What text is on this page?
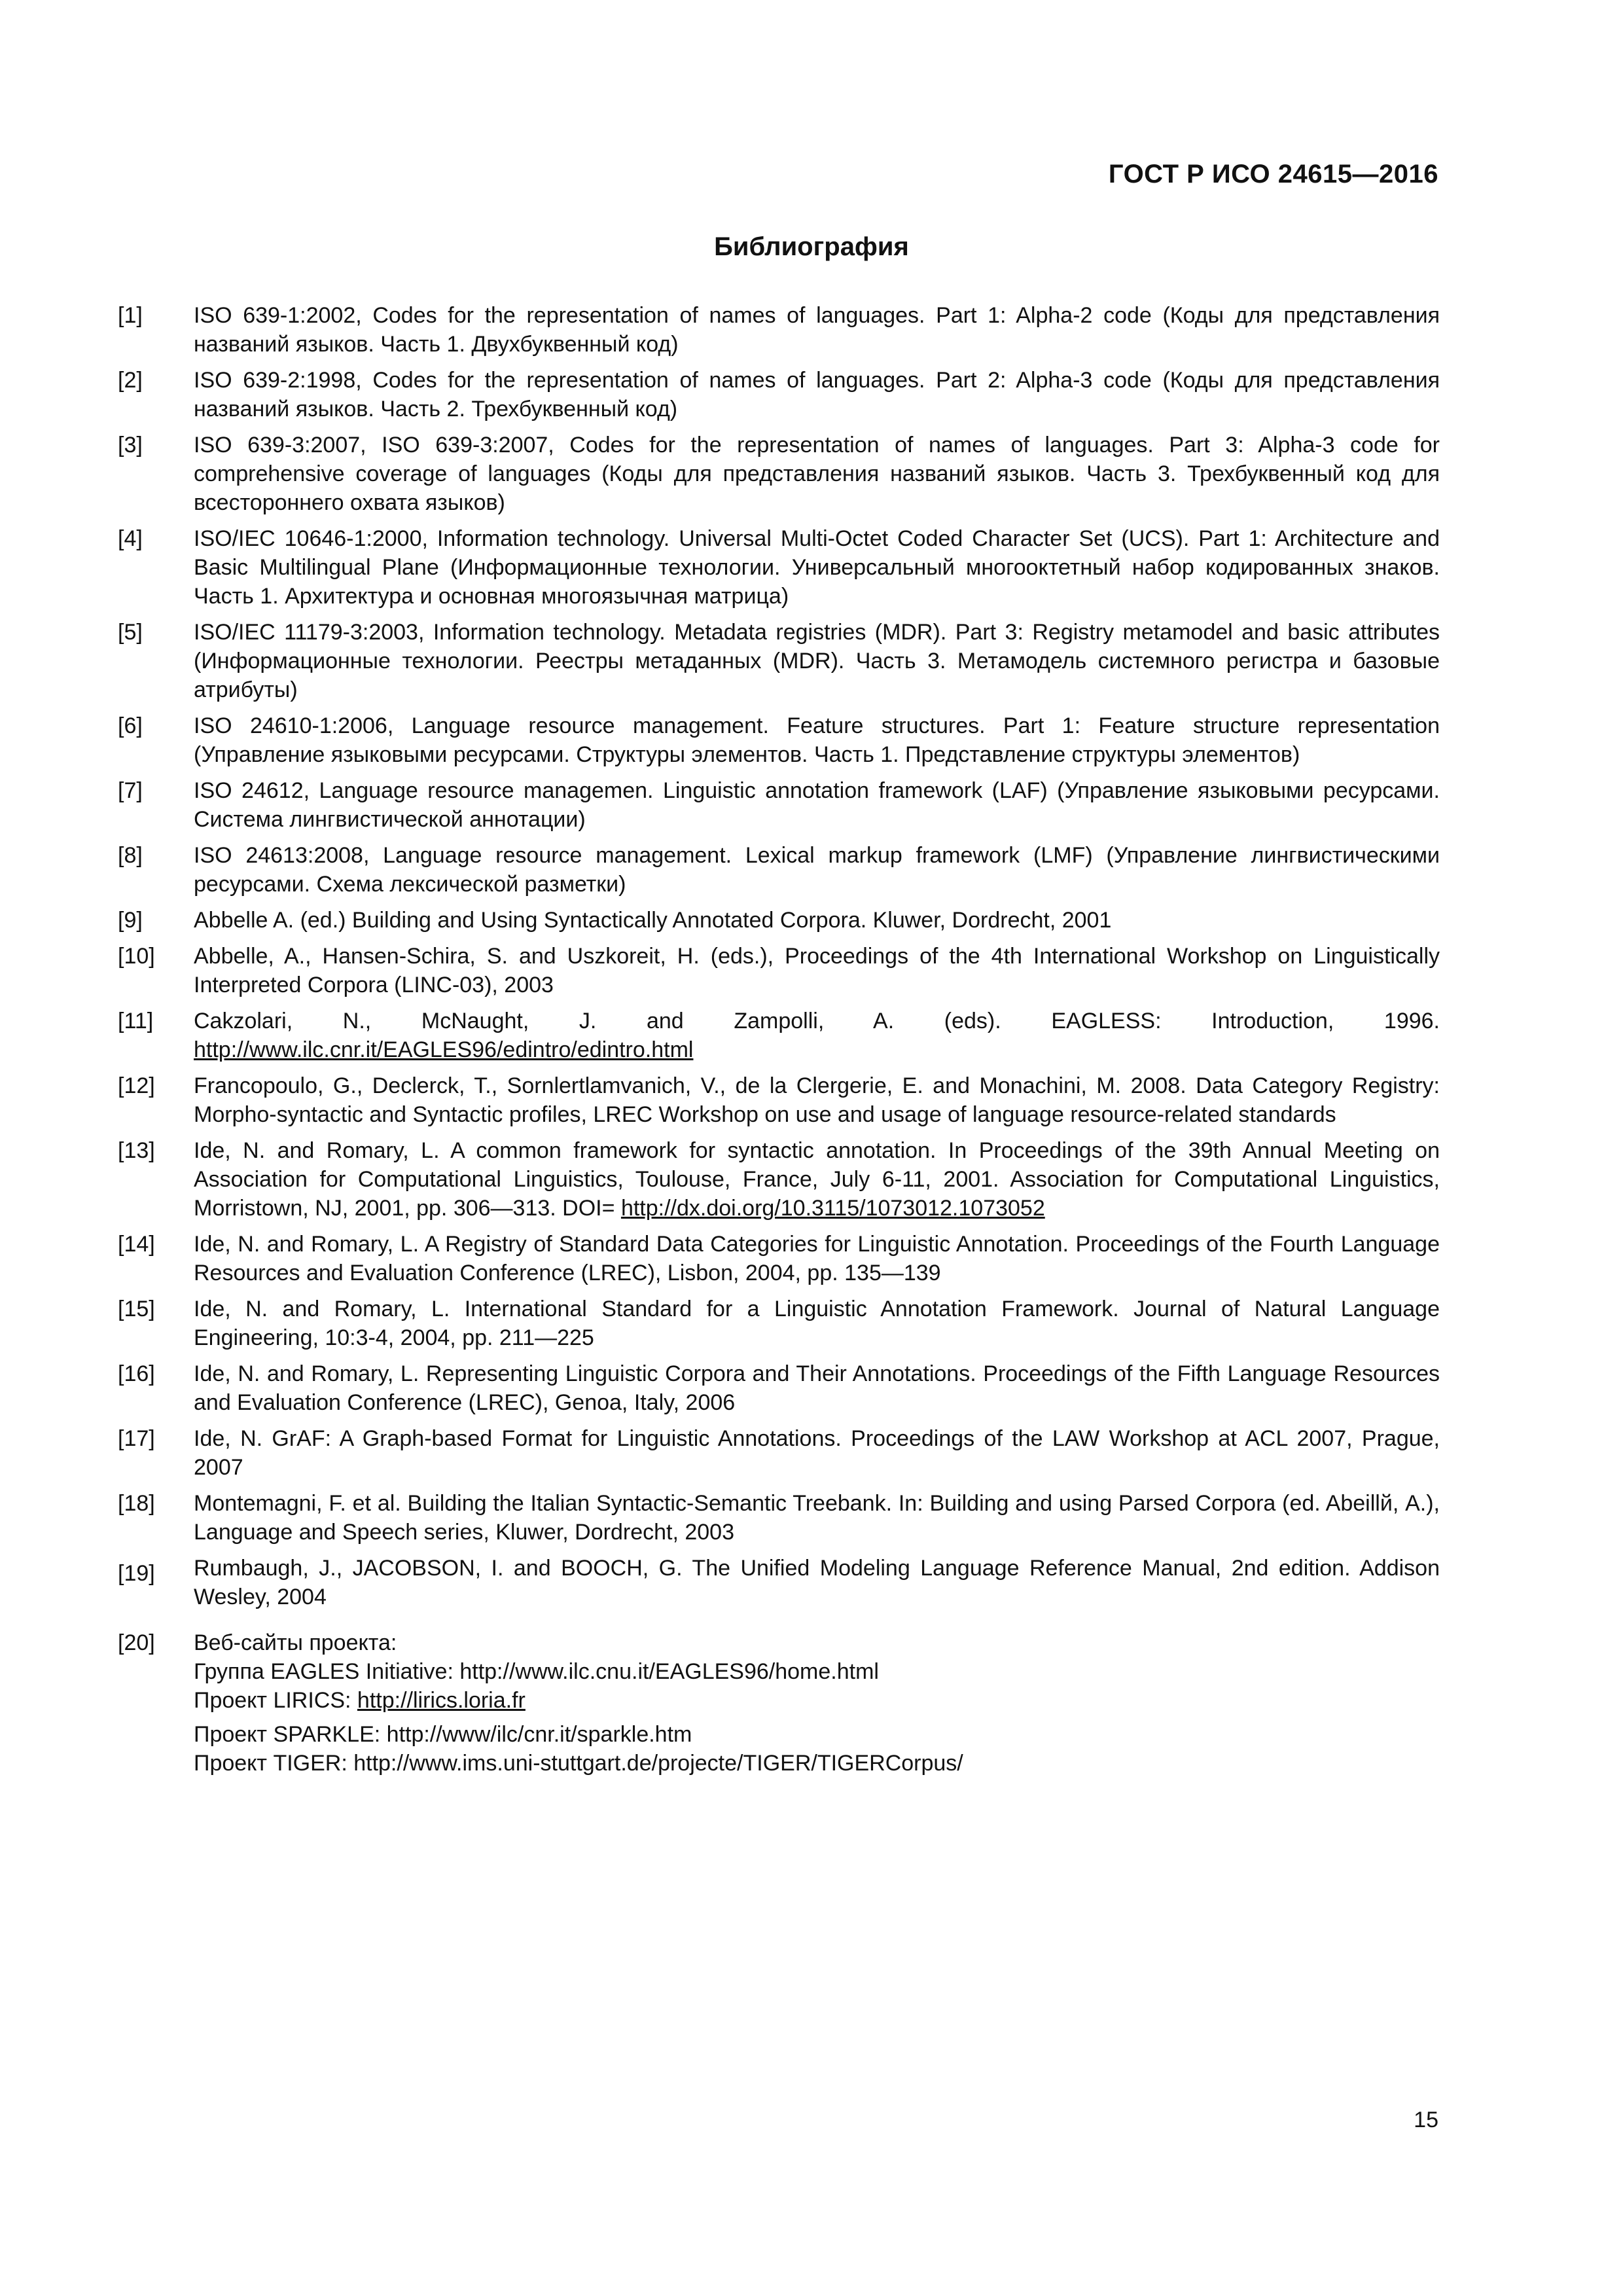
ГОСТ Р ИСО 24615—2016
Библиография
[1]	ISO 639-1:2002, Codes for the representation of names of languages. Part 1: Alpha-2 code (Коды для представления названий языков. Часть 1. Двухбуквенный код)
[2]	ISO 639-2:1998, Codes for the representation of names of languages. Part 2: Alpha-3 code (Коды для представления названий языков. Часть 2. Трехбуквенный код)
[3]	ISO 639-3:2007, ISO 639-3:2007, Codes for the representation of names of languages. Part 3: Alpha-3 code for comprehensive coverage of languages (Коды для представления названий языков. Часть 3. Трехбуквенный код для всестороннего охвата языков)
[4]	ISO/IEC 10646-1:2000, Information technology. Universal Multi-Octet Coded Character Set (UCS). Part 1: Architecture and Basic Multilingual Plane (Информационные технологии. Универсальный многооктетный набор кодированных знаков. Часть 1. Архитектура и основная многоязычная матрица)
[5]	ISO/IEC 11179-3:2003, Information technology. Metadata registries (MDR). Part 3: Registry metamodel and basic attributes (Информационные технологии. Реестры метаданных (MDR). Часть 3. Метамодель системного регистра и базовые атрибуты)
[6]	ISO 24610-1:2006, Language resource management. Feature structures. Part 1: Feature structure representation (Управление языковыми ресурсами. Структуры элементов. Часть 1. Представление структуры элементов)
[7]	ISO 24612, Language resource managemen. Linguistic annotation framework (LAF) (Управление языковыми ресурсами. Система лингвистической аннотации)
[8]	ISO 24613:2008, Language resource management. Lexical markup framework (LMF) (Управление лингвистическими ресурсами. Схема лексической разметки)
[9]	Abbelle A. (ed.) Building and Using Syntactically Annotated Corpora. Kluwer, Dordrecht, 2001
[10]	Abbelle, A., Hansen-Schira, S. and Uszkoreit, H. (eds.), Proceedings of the 4th International Workshop on Linguistically Interpreted Corpora (LINC-03), 2003
[11]	Cakzolari, N., McNaught, J. and Zampolli, A. (eds). EAGLESS: Introduction, 1996. http://www.ilc.cnr.it/EAGLES96/edintro/edintro.html
[12]	Francopoulo, G., Declerck, T., Sornlertlamvanich, V., de la Clergerie, E. and Monachini, M. 2008. Data Category Registry: Morpho-syntactic and Syntactic profiles, LREC Workshop on use and usage of language resource-related standards
[13]	Ide, N. and Romary, L. A common framework for syntactic annotation. In Proceedings of the 39th Annual Meeting on Association for Computational Linguistics, Toulouse, France, July 6-11, 2001. Association for Computational Linguistics, Morristown, NJ, 2001, pp. 306—313. DOI= http://dx.doi.org/10.3115/1073012.1073052
[14]	Ide, N. and Romary, L. A Registry of Standard Data Categories for Linguistic Annotation. Proceedings of the Fourth Language Resources and Evaluation Conference (LREC), Lisbon, 2004, pp. 135—139
[15]	Ide, N. and Romary, L. International Standard for a Linguistic Annotation Framework. Journal of Natural Language Engineering, 10:3-4, 2004, pp. 211—225
[16]	Ide, N. and Romary, L. Representing Linguistic Corpora and Their Annotations. Proceedings of the Fifth Language Resources and Evaluation Conference (LREC), Genoa, Italy, 2006
[17]	Ide, N. GrAF: A Graph-based Format for Linguistic Annotations. Proceedings of the LAW Workshop at ACL 2007, Prague, 2007
[18]	Montemagni, F. et al. Building the Italian Syntactic-Semantic Treebank. In: Building and using Parsed Corpora (ed. Abeillй, A.), Language and Speech series, Kluwer, Dordrecht, 2003
[19]	Rumbaugh, J., JACOBSON, I. and BOOCH, G. The Unified Modeling Language Reference Manual, 2nd edition. Addison Wesley, 2004
[20]	Веб-сайты проекта:
Группа EAGLES Initiative: http://www.ilc.cnu.it/EAGLES96/home.html
Проект LIRICS: http://lirics.loria.fr
Проект SPARKLE: http://www/ilc/cnr.it/sparkle.htm
Проект TIGER: http://www.ims.uni-stuttgart.de/projecte/TIGER/TIGERCorpus/
15
